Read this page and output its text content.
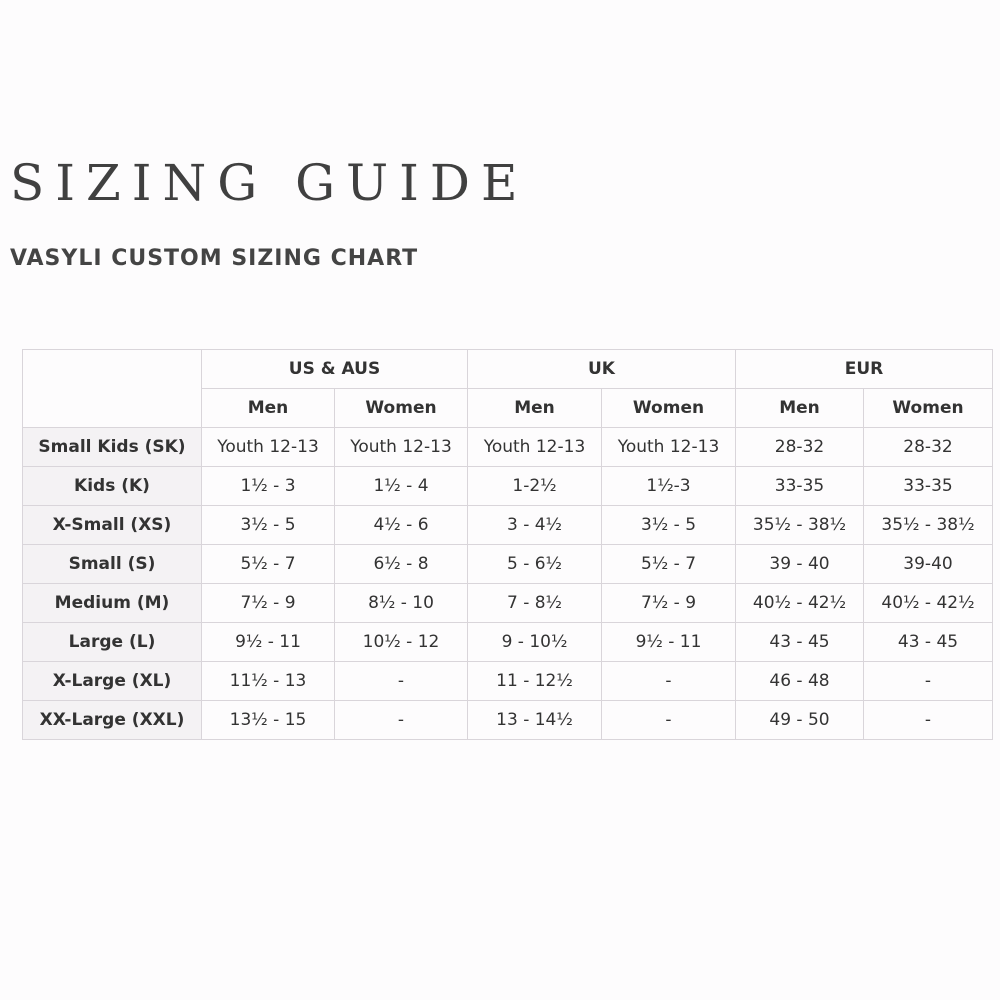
SIZING GUIDE
VASYLI CUSTOM SIZING CHART
	US & AUS		UK		EUR	
	Men	Women	Men	Women	Men	Women
Small Kids (SK)	Youth 12-13	Youth 12-13	Youth 12-13	Youth 12-13	28-32	28-32
Kids (K)	1½ - 3	1½ - 4	1-2½	1½-3	33-35	33-35
X-Small (XS)	3½ - 5	4½ - 6	3 - 4½	3½ - 5	35½ - 38½	35½ - 38½
Small (S)	5½ - 7	6½ - 8	5 - 6½	5½ - 7	39 - 40	39-40
Medium (M)	7½ - 9	8½ - 10	7 - 8½	7½ - 9	40½ - 42½	40½ - 42½
Large (L)	9½ - 11	10½ - 12	9 - 10½	9½ - 11	43 - 45	43 - 45
X-Large (XL)	11½ - 13	-	11 - 12½	-	46 - 48	-
XX-Large (XXL)	13½ - 15	-	13 - 14½	-	49 - 50	-
